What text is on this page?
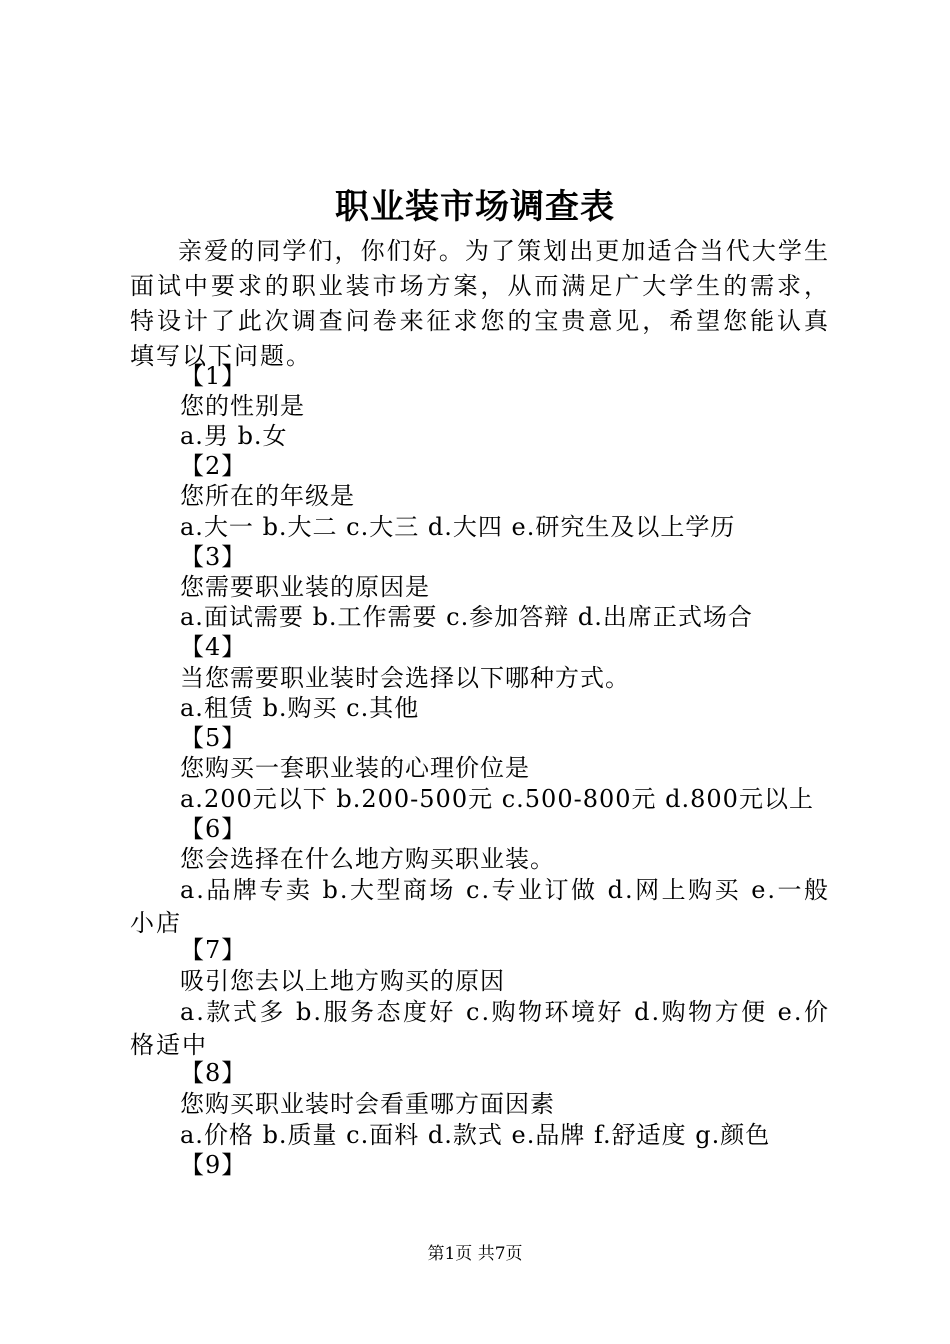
职业装市场调查表

亲爱的同学们，你们好。为了策划出更加适合当代大学生面试中要求的职业装市场方案，从而满足广大学生的需求，特设计了此次调查问卷来征求您的宝贵意见，希望您能认真填写以下问题。

【1】
您的性别是
a.男 b.女
【2】
您所在的年级是
a.大一 b.大二 c.大三 d.大四 e.研究生及以上学历
【3】
您需要职业装的原因是
a.面试需要 b.工作需要 c.参加答辩 d.出席正式场合
【4】
当您需要职业装时会选择以下哪种方式。
a.租赁 b.购买 c.其他
【5】
您购买一套职业装的心理价位是
a.200元以下 b.200-500元 c.500-800元 d.800元以上
【6】
您会选择在什么地方购买职业装。
a.品牌专卖 b.大型商场 c.专业订做 d.网上购买 e.一般小店
【7】
吸引您去以上地方购买的原因
a.款式多 b.服务态度好 c.购物环境好 d.购物方便 e.价格适中
【8】
您购买职业装时会看重哪方面因素
a.价格 b.质量 c.面料 d.款式 e.品牌 f.舒适度 g.颜色
【9】
第1页 共7页
